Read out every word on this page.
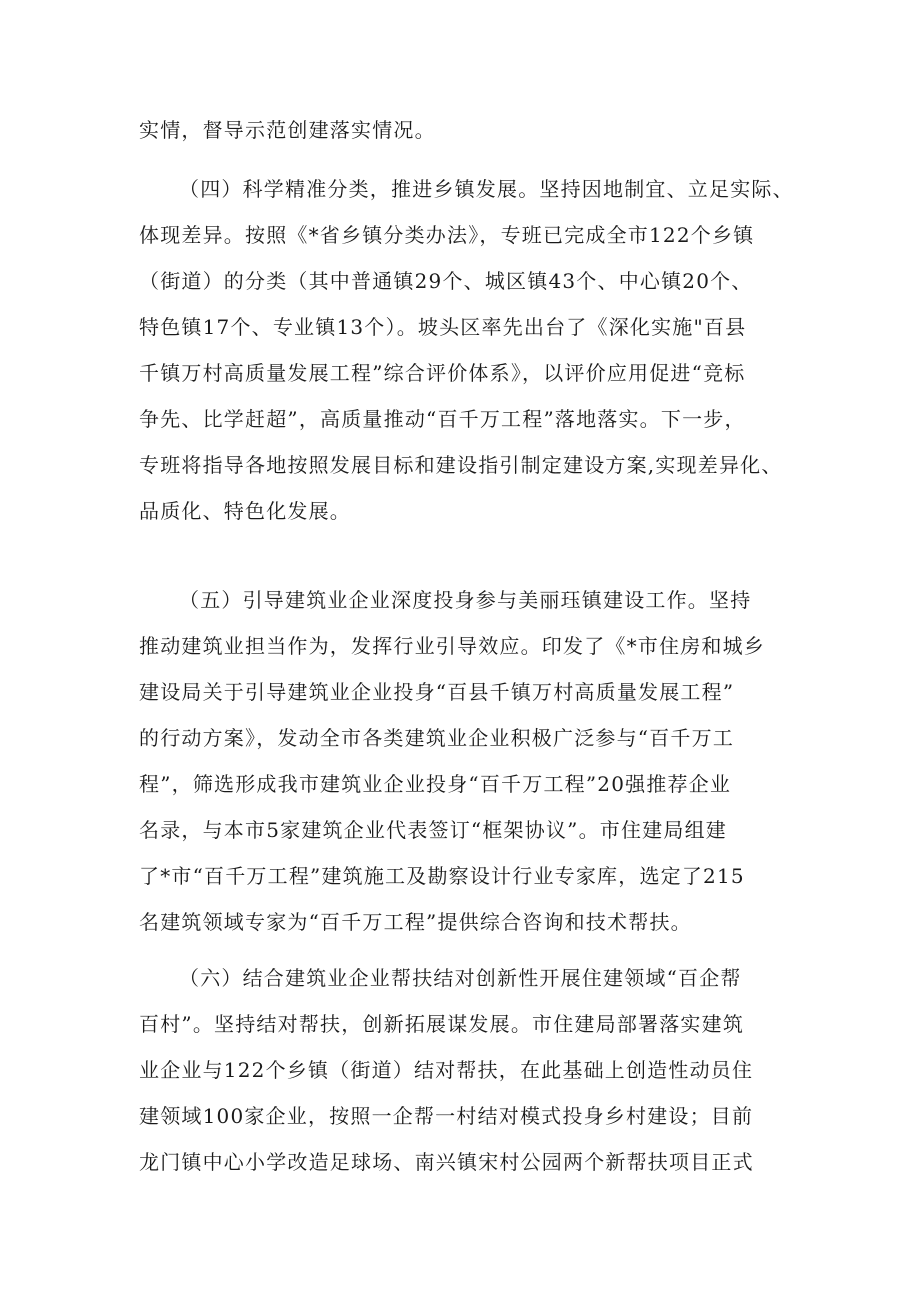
实情，督导示范创建落实情况。

（四）科学精准分类，推进乡镇发展。坚持因地制宜、立足实际、

体现差异。按照《*省乡镇分类办法》，专班已完成全市122个乡镇

（街道）的分类（其中普通镇29个、城区镇43个、中心镇20个、

特色镇17个、专业镇13个）。坡头区率先出台了《深化实施"百县

千镇万村高质量发展工程”综合评价体系》，以评价应用促进“竞标

争先、比学赶超”，高质量推动“百千万工程”落地落实。下一步，

专班将指导各地按照发展目标和建设指引制定建设方案,实现差异化、

品质化、特色化发展。

（五）引导建筑业企业深度投身参与美丽珏镇建设工作。坚持

推动建筑业担当作为，发挥行业引导效应。印发了《*市住房和城乡

建设局关于引导建筑业企业投身“百县千镇万村高质量发展工程”

的行动方案》，发动全市各类建筑业企业积极广泛参与“百千万工

程”，筛选形成我市建筑业企业投身“百千万工程”20强推荐企业

名录，与本市5家建筑企业代表签订“框架协议”。市住建局组建

了*市“百千万工程”建筑施工及勘察设计行业专家库，选定了215

名建筑领域专家为“百千万工程”提供综合咨询和技术帮扶。

（六）结合建筑业企业帮扶结对创新性开展住建领域“百企帮

百村”。坚持结对帮扶，创新拓展谋发展。市住建局部署落实建筑

业企业与122个乡镇（街道）结对帮扶，在此基础上创造性动员住

建领域100家企业，按照一企帮一村结对模式投身乡村建设；目前

龙门镇中心小学改造足球场、南兴镇宋村公园两个新帮扶项目正式
